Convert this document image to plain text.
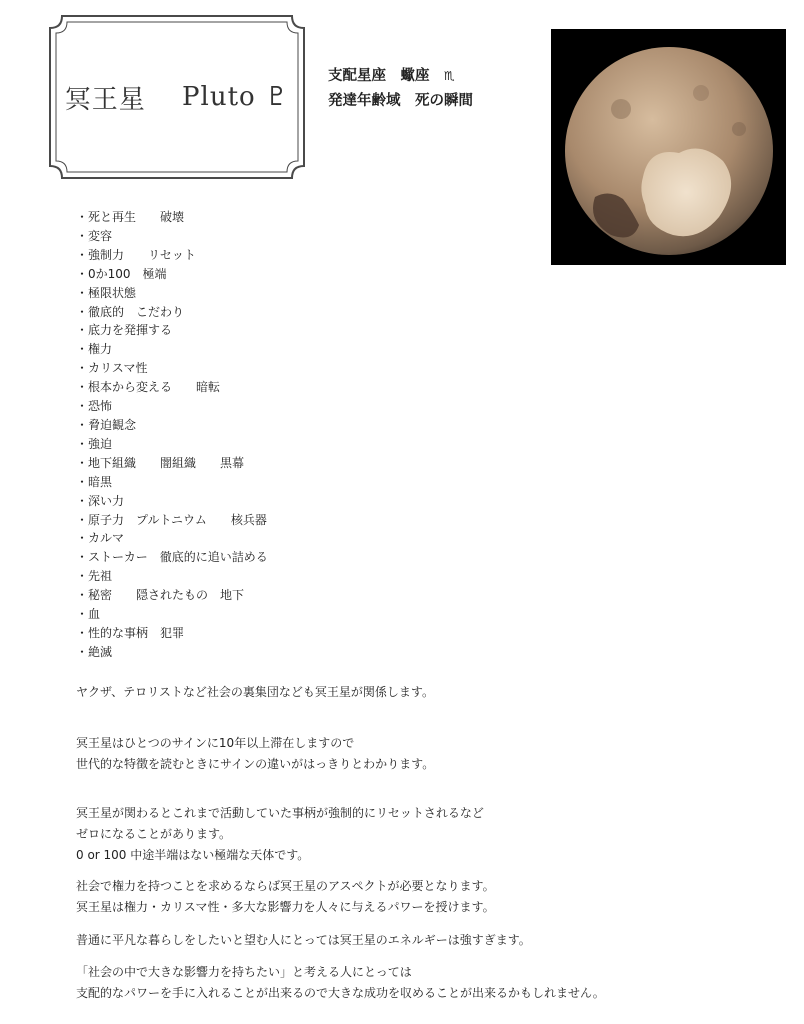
冥王星
　 Pluto
♇
支配星座　 蠍座　 ♏
発達年齢域　 死の瞬間
・死と再生　　破壊
・変容
・強制力　　リセット
・0か100　極端
・極限状態
・徹底的　こだわり
・底力を発揮する
・権力
・カリスマ性
・根本から変える　　暗転
・恐怖
・脅迫観念
・強迫
・地下組織　　闇組織　　黒幕
・暗黒
・深い力
・原子力　プルトニウム　　核兵器
・カルマ
・ストーカー　徹底的に追い詰める
・先祖
・秘密　　隠されたもの　地下
・血
・性的な事柄　犯罪
・絶滅
ヤクザ、テロリストなど社会の裏集団なども冥王星が関係します。
冥王星はひとつのサインに10年以上滞在しますので
世代的な特徴を読むときにサインの違いがはっきりとわかります。
冥王星が関わるとこれまで活動していた事柄が強制的にリセットされるなど
ゼロになることがあります。
0 or 100 中途半端はない極端な天体です。
社会で権力を持つことを求めるならば冥王星のアスペクトが必要となります。
冥王星は権力・カリスマ性・多大な影響力を人々に与えるパワーを授けます。
普通に平凡な暮らしをしたいと望む人にとっては冥王星のエネルギーは強すぎます。
「社会の中で大きな影響力を持ちたい」と考える人にとっては
支配的なパワーを手に入れることが出来るので大きな成功を収めることが出来るかもしれません。
